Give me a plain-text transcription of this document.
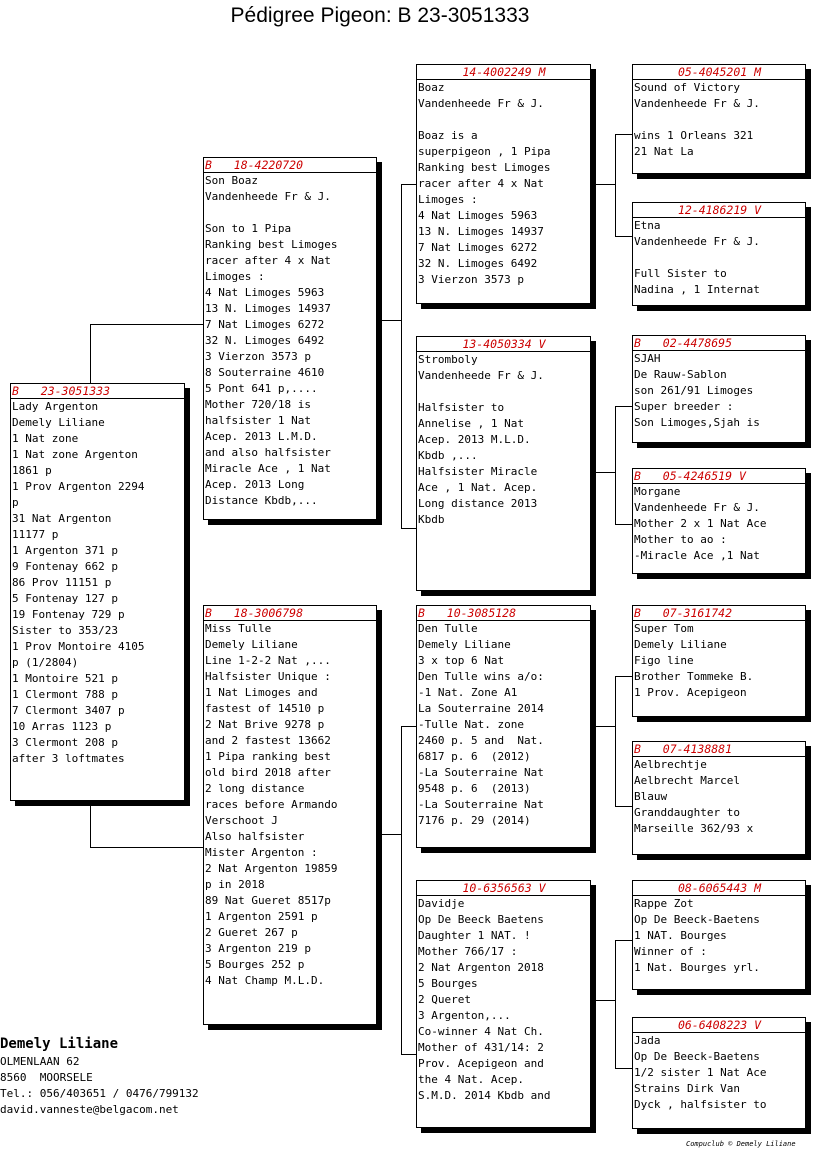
Pédigree Pigeon: B 23-3051333
B  23-3051333
Lady Argenton
Demely Liliane
1 Nat zone
1 Nat zone Argenton
1861 p
1 Prov Argenton 2294
p
31 Nat Argenton
11177 p
1 Argenton 371 p
9 Fontenay 662 p
86 Prov 11151 p
5 Fontenay 127 p
19 Fontenay 729 p
Sister to 353/23
1 Prov Montoire 4105
p (1/2804)
1 Montoire 521 p
1 Clermont 788 p
7 Clermont 3407 p
10 Arras 1123 p
3 Clermont 208 p
after 3 loftmates
B  18-4220720
Son Boaz
Vandenheede Fr & J.

Son to 1 Pipa
Ranking best Limoges
racer after 4 x Nat
Limoges :
4 Nat Limoges 5963
13 N. Limoges 14937
7 Nat Limoges 6272
32 N. Limoges 6492
3 Vierzon 3573 p
8 Souterraine 4610
5 Pont 641 p,....
Mother 720/18 is
halfsister 1 Nat
Acep. 2013 L.M.D.
and also halfsister
Miracle Ace , 1 Nat
Acep. 2013 Long
Distance Kbdb,...
B  18-3006798
Miss Tulle
Demely Liliane
Line 1-2-2 Nat ,...
Halfsister Unique :
1 Nat Limoges and
fastest of 14510 p
2 Nat Brive 9278 p
and 2 fastest 13662
1 Pipa ranking best
old bird 2018 after
2 long distance
races before Armando
Verschoot J
Also halfsister
Mister Argenton :
2 Nat Argenton 19859
p in 2018
89 Nat Gueret 8517p
1 Argenton 2591 p
2 Gueret 267 p
3 Argenton 219 p
5 Bourges 252 p
4 Nat Champ M.L.D.
14-4002249 M
Boaz
Vandenheede Fr & J.

Boaz is a
superpigeon , 1 Pipa
Ranking best Limoges
racer after 4 x Nat
Limoges :
4 Nat Limoges 5963
13 N. Limoges 14937
7 Nat Limoges 6272
32 N. Limoges 6492
3 Vierzon 3573 p
13-4050334 V
Stromboly
Vandenheede Fr & J.

Halfsister to
Annelise , 1 Nat
Acep. 2013 M.L.D.
Kbdb ,...
Halfsister Miracle
Ace , 1 Nat. Acep.
Long distance 2013
Kbdb
B  10-3085128
Den Tulle
Demely Liliane
3 x top 6 Nat
Den Tulle wins a/o:
-1 Nat. Zone A1
La Souterraine 2014
-Tulle Nat. zone
2460 p. 5 and  Nat.
6817 p. 6  (2012)
-La Souterraine Nat
9548 p. 6  (2013)
-La Souterraine Nat
7176 p. 29 (2014)
10-6356563 V
Davidje
Op De Beeck Baetens
Daughter 1 NAT. !
Mother 766/17 :
2 Nat Argenton 2018
5 Bourges
2 Queret
3 Argenton,...
Co-winner 4 Nat Ch.
Mother of 431/14: 2
Prov. Acepigeon and
the 4 Nat. Acep.
S.M.D. 2014 Kbdb and
05-4045201 M
Sound of Victory
Vandenheede Fr & J.

wins 1 Orleans 321
21 Nat La
12-4186219 V
Etna
Vandenheede Fr & J.

Full Sister to
Nadina , 1 Internat
B  02-4478695
SJAH
De Rauw-Sablon
son 261/91 Limoges
Super breeder :
Son Limoges,Sjah is
B  05-4246519 V
Morgane
Vandenheede Fr & J.
Mother 2 x 1 Nat Ace
Mother to ao :
-Miracle Ace ,1 Nat
B  07-3161742
Super Tom
Demely Liliane
Figo line
Brother Tommeke B.
1 Prov. Acepigeon
B  07-4138881
Aelbrechtje
Aelbrecht Marcel
Blauw
Granddaughter to
Marseille 362/93 x
08-6065443 M
Rappe Zot
Op De Beeck-Baetens
1 NAT. Bourges
Winner of :
1 Nat. Bourges yrl.
06-6408223 V
Jada
Op De Beeck-Baetens
1/2 sister 1 Nat Ace
Strains Dirk Van
Dyck , halfsister to
Demely Liliane
OLMENLAAN 62
8560  MOORSELE
Tel.: 056/403651 / 0476/799132
david.vanneste@belgacom.net
Compuclub © Demely Liliane
